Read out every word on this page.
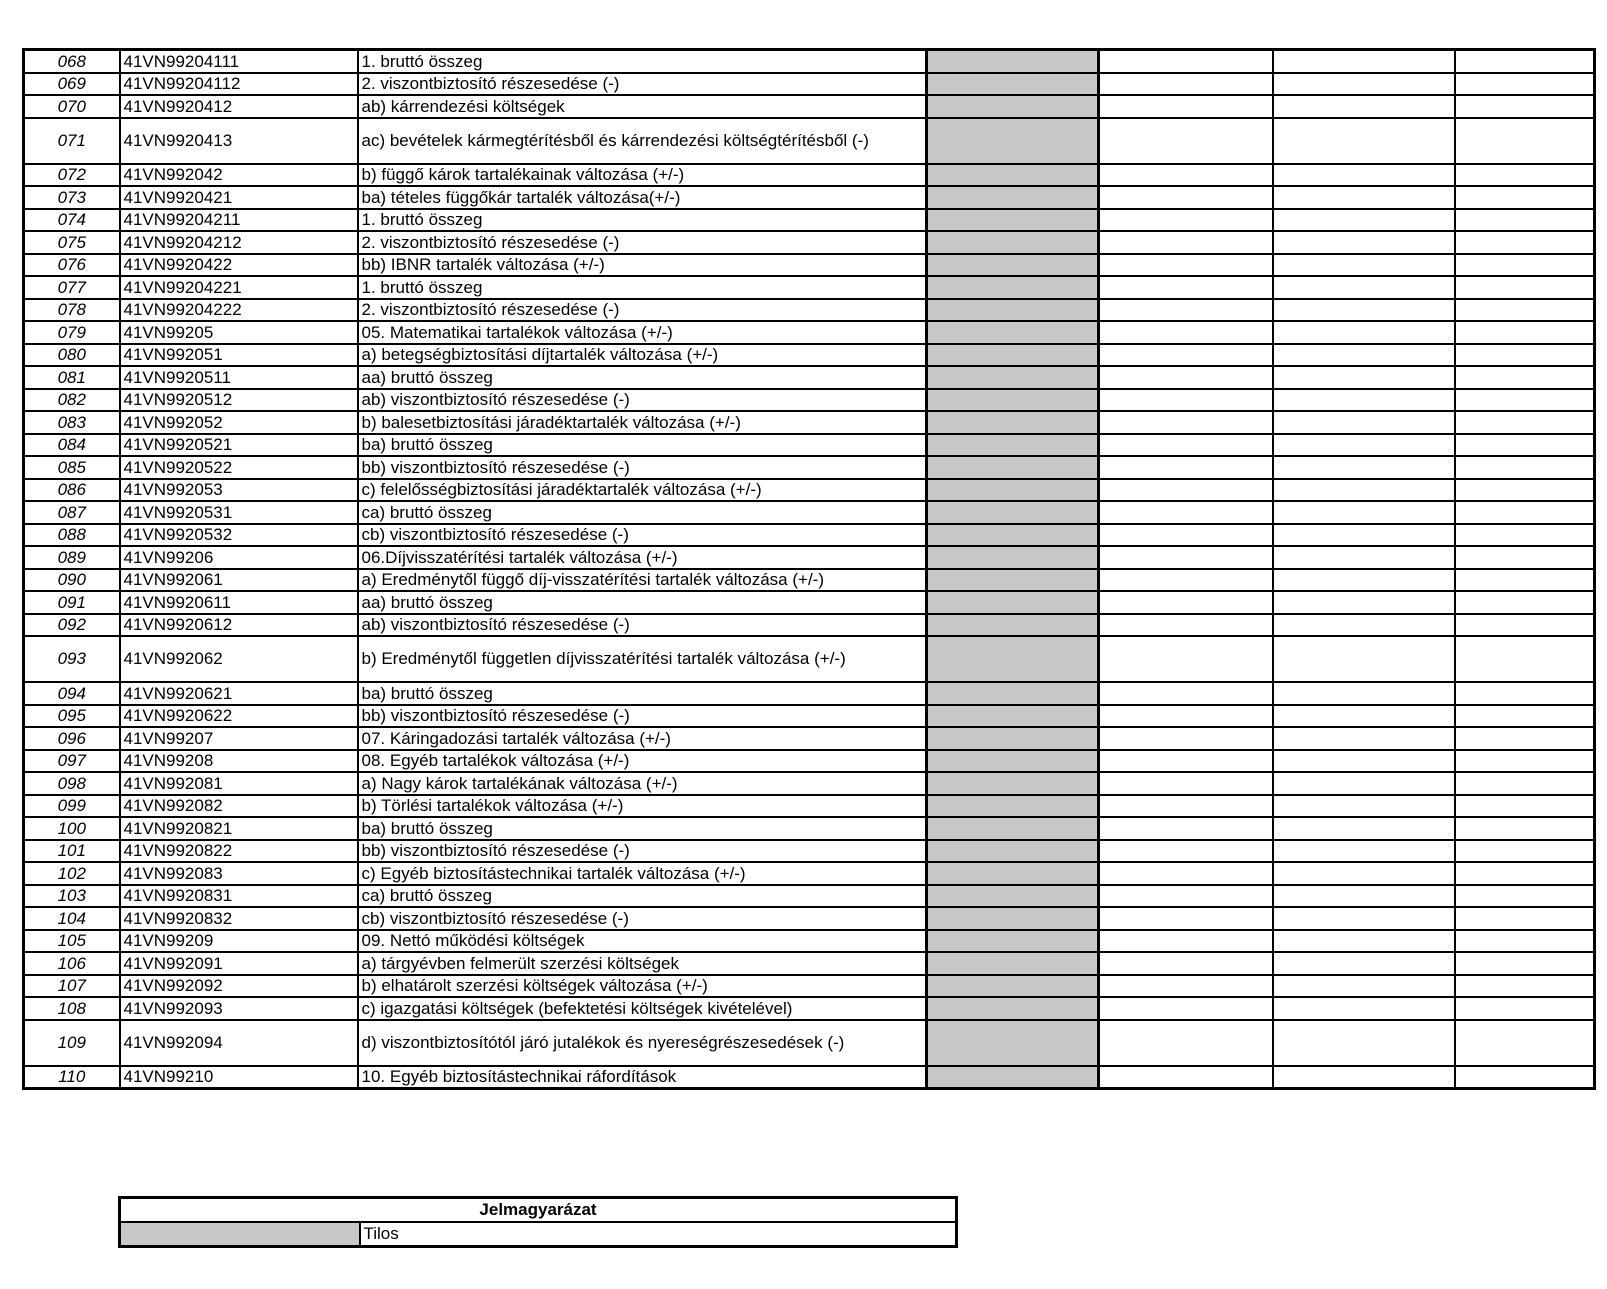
068	41VN99204111	1. bruttó összeg				
069	41VN99204112	2. viszontbiztosító részesedése (-)				
070	41VN9920412	ab) kárrendezési költségek				
071	41VN9920413	ac) bevételek kármegtérítésből és kárrendezési költségtérítésből (-)				
072	41VN992042	b) függő károk tartalékainak változása (+/-)				
073	41VN9920421	ba) tételes függőkár tartalék változása(+/-)				
074	41VN99204211	1. bruttó összeg				
075	41VN99204212	2. viszontbiztosító részesedése (-)				
076	41VN9920422	bb) IBNR tartalék változása (+/-)				
077	41VN99204221	1. bruttó összeg				
078	41VN99204222	2. viszontbiztosító részesedése (-)				
079	41VN99205	05. Matematikai tartalékok változása (+/-)				
080	41VN992051	a) betegségbiztosítási díjtartalék változása (+/-)				
081	41VN9920511	aa) bruttó összeg				
082	41VN9920512	ab) viszontbiztosító részesedése (-)				
083	41VN992052	b) balesetbiztosítási járadéktartalék változása (+/-)				
084	41VN9920521	ba) bruttó összeg				
085	41VN9920522	bb) viszontbiztosító részesedése (-)				
086	41VN992053	c) felelősségbiztosítási járadéktartalék változása (+/-)				
087	41VN9920531	ca) bruttó összeg				
088	41VN9920532	cb) viszontbiztosító részesedése (-)				
089	41VN99206	06.Díjvisszatérítési tartalék változása (+/-)				
090	41VN992061	a) Eredménytől függő díj-visszatérítési tartalék változása (+/-)				
091	41VN9920611	aa) bruttó összeg				
092	41VN9920612	ab) viszontbiztosító részesedése (-)				
093	41VN992062	b) Eredménytől független díjvisszatérítési tartalék változása (+/-)				
094	41VN9920621	ba) bruttó összeg				
095	41VN9920622	bb) viszontbiztosító részesedése (-)				
096	41VN99207	07. Káringadozási tartalék változása (+/-)				
097	41VN99208	08. Egyéb tartalékok változása (+/-)				
098	41VN992081	a) Nagy károk tartalékának változása (+/-)				
099	41VN992082	b) Törlési tartalékok változása (+/-)				
100	41VN9920821	ba) bruttó összeg				
101	41VN9920822	bb) viszontbiztosító részesedése (-)				
102	41VN992083	c) Egyéb biztosítástechnikai tartalék változása (+/-)				
103	41VN9920831	ca) bruttó összeg				
104	41VN9920832	cb) viszontbiztosító részesedése (-)				
105	41VN99209	09. Nettó működési költségek				
106	41VN992091	a) tárgyévben felmerült szerzési költségek				
107	41VN992092	b) elhatárolt szerzési költségek változása (+/-)				
108	41VN992093	c) igazgatási költségek (befektetési költségek kivételével)				
109	41VN992094	d) viszontbiztosítótól járó jutalékok és nyereségrészesedések (-)				
110	41VN99210	10. Egyéb biztosítástechnikai ráfordítások				
Jelmagyarázat
	Tilos
